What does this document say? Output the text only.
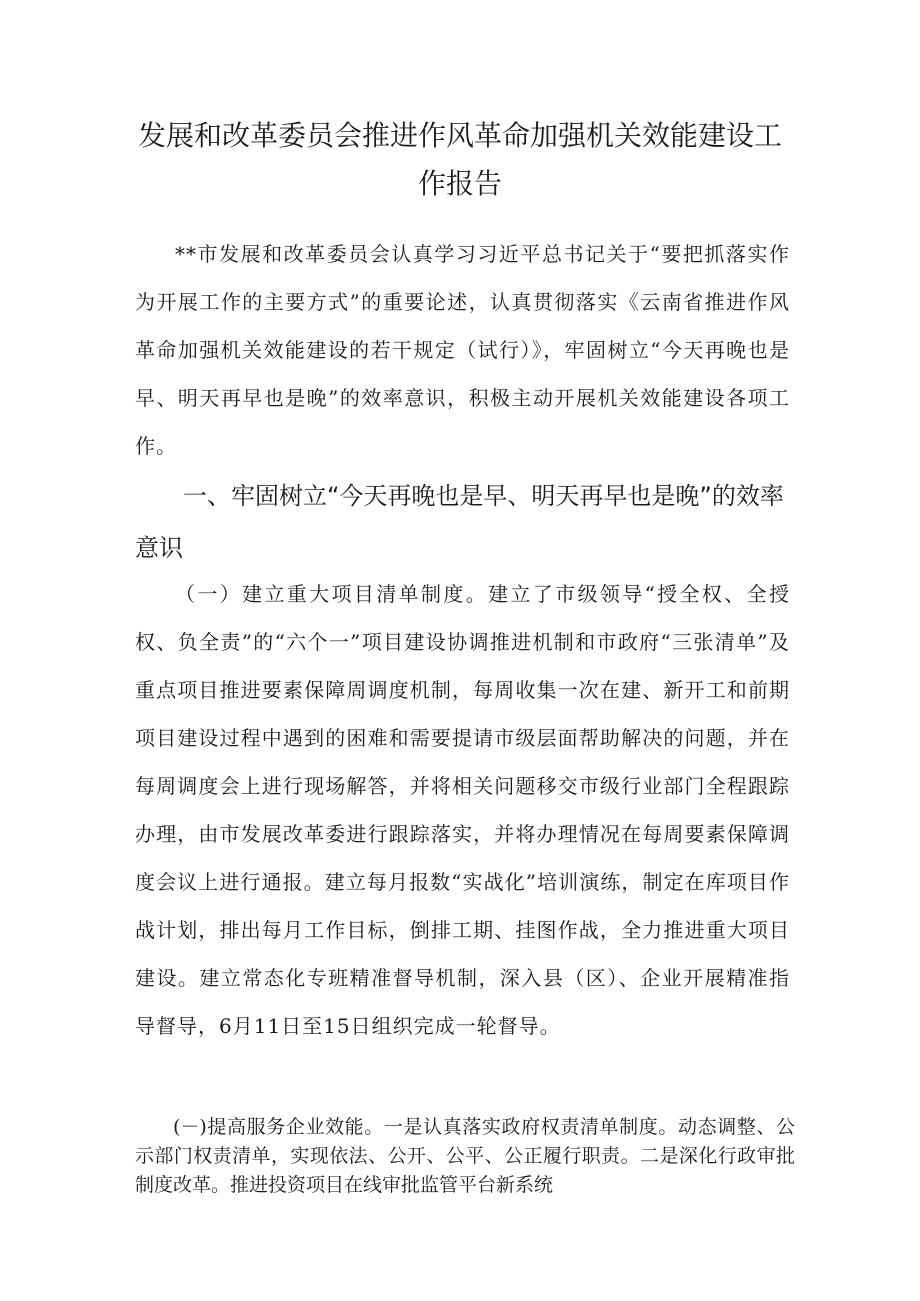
发展和改革委员会推进作风革命加强机关效能建设工
作报告

**市发展和改革委员会认真学习习近平总书记关于“要把抓落实作为开展工作的主要方式”的重要论述，认真贯彻落实《云南省推进作风革命加强机关效能建设的若干规定（试行）》，牢固树立“今天再晚也是早、明天再早也是晚”的效率意识，积极主动开展机关效能建设各项工作。

一、牢固树立“今天再晚也是早、明天再早也是晚”的效率意识

（一）建立重大项目清单制度。建立了市级领导“授全权、全授权、负全责”的“六个一”项目建设协调推进机制和市政府“三张清单”及重点项目推进要素保障周调度机制，每周收集一次在建、新开工和前期项目建设过程中遇到的困难和需要提请市级层面帮助解决的问题，并在每周调度会上进行现场解答，并将相关问题移交市级行业部门全程跟踪办理，由市发展改革委进行跟踪落实，并将办理情况在每周要素保障调度会议上进行通报。建立每月报数“实战化”培训演练，制定在库项目作战计划，排出每月工作目标，倒排工期、挂图作战，全力推进重大项目建设。建立常态化专班精准督导机制，深入县（区）、企业开展精准指导督导，6月11日至15日组织完成一轮督导。

(－)提高服务企业效能。一是认真落实政府权责清单制度。动态调整、公示部门权责清单，实现依法、公开、公平、公正履行职责。二是深化行政审批制度改革。推进投资项目在线审批监管平台新系统
